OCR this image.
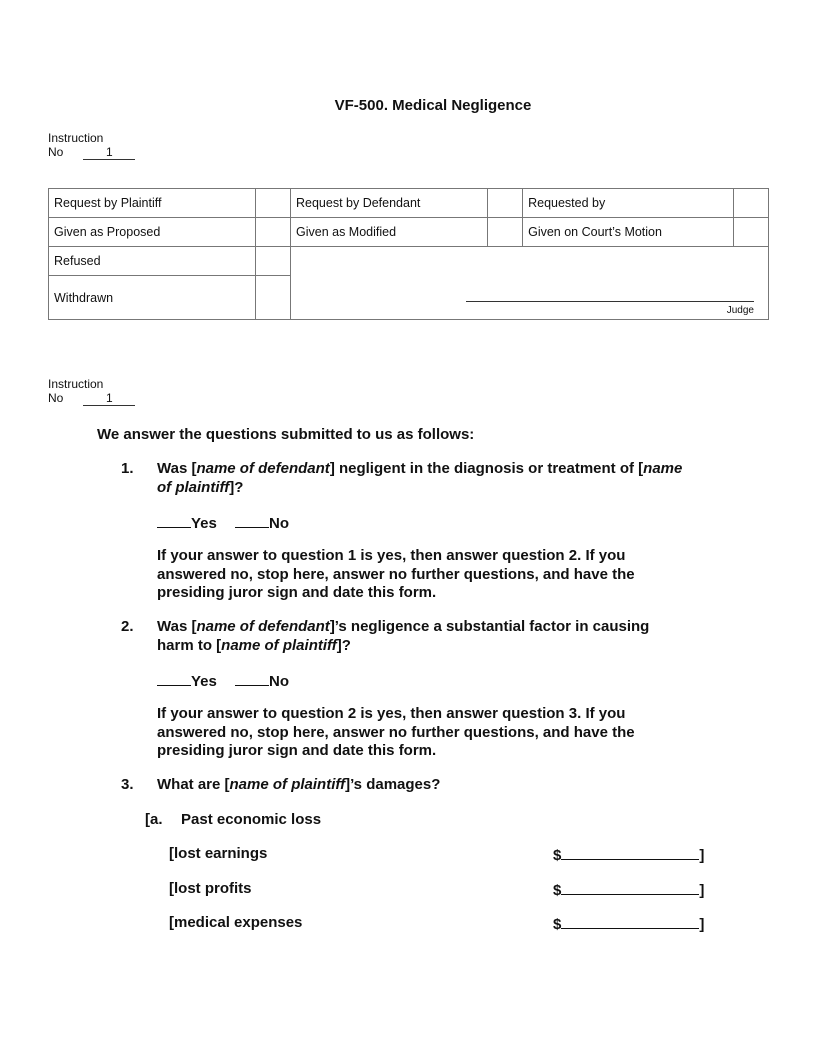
VF-500. Medical Negligence
Instruction
No	1
Request by Plaintiff		Request by Defendant		Requested by	
Given as Proposed		Given as Modified		Given on Court’s Motion	
Refused		Judge			

Withdrawn					
Instruction
No	1
We answer the questions submitted to us as follows:
1. Was [name of defendant] negligent in the diagnosis or treatment of [name
of plaintiff]?
Yes	No
If your answer to question 1 is yes, then answer question 2. If you answered no, stop here, answer no further questions, and have the presiding juror sign and date this form.
2. Was [name of defendant]’s negligence a substantial factor in causing
harm to [name of plaintiff]?
Yes	No
If your answer to question 2 is yes, then answer question 3. If you answered no, stop here, answer no further questions, and have the presiding juror sign and date this form.
3. What are [name of plaintiff]’s damages?
[a. Past economic loss
[lost earnings	$	]
[lost profits	$	]
[medical expenses	$	]
